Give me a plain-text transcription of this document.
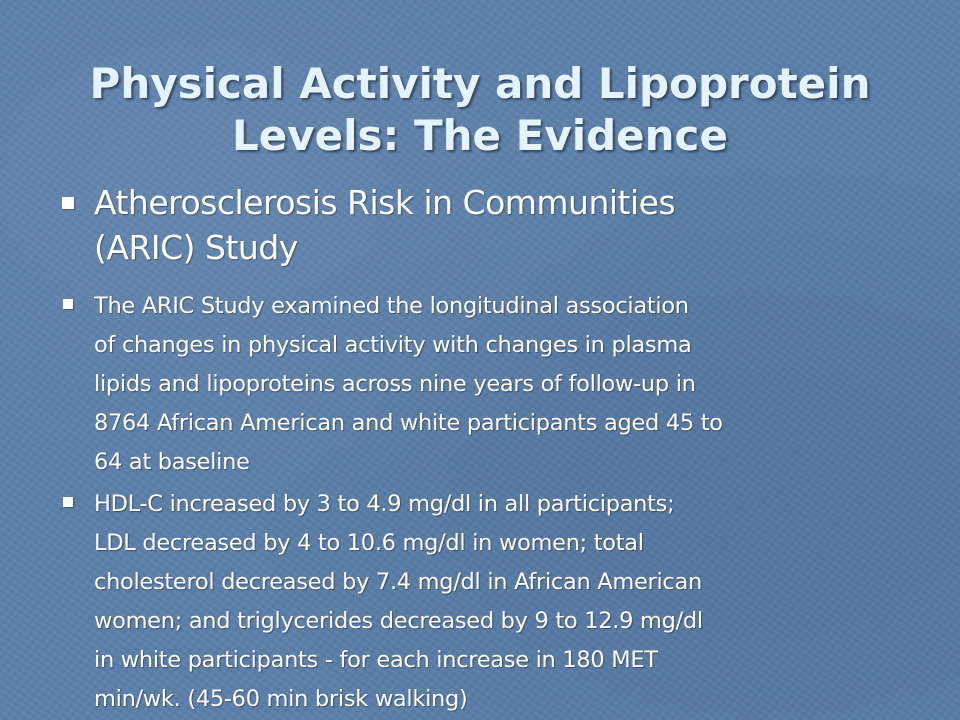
Physical Activity and Lipoprotein
Levels: The Evidence
Atherosclerosis Risk in Communities
(ARIC) Study
The ARIC Study examined the longitudinal association
of changes in physical activity with changes in plasma
lipids and lipoproteins across nine years of follow-up in
8764 African American and white participants aged 45 to
64 at baseline
HDL-C increased by 3 to 4.9 mg/dl in all participants;
LDL decreased by 4 to 10.6 mg/dl in women; total
cholesterol decreased by 7.4 mg/dl in African American
women; and triglycerides decreased by 9 to 12.9 mg/dl
in white participants - for each increase in 180 MET
min/wk. (45-60 min brisk walking)
